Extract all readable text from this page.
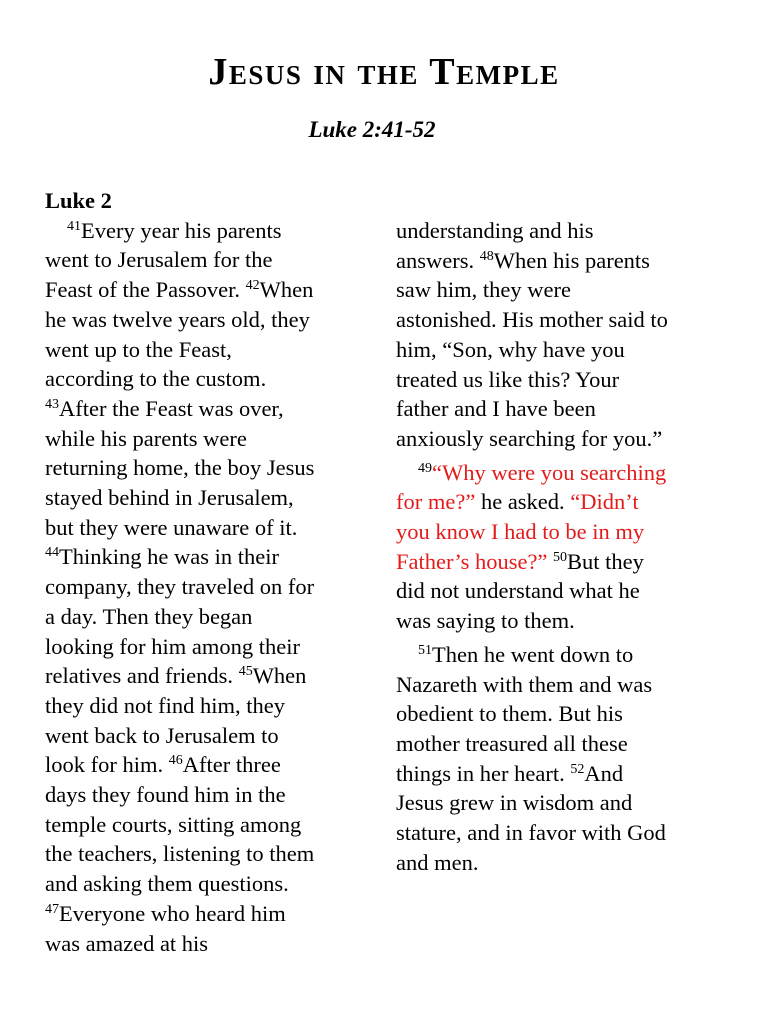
Jesus in the Temple
Luke 2:41-52
Luke 2

$^{41}$Every year his parents
went to Jerusalem for the
Feast of the Passover. $^{42}$When
he was twelve years old, they
went up to the Feast,
according to the custom.
$^{43}$After the Feast was over,
while his parents were
returning home, the boy Jesus
stayed behind in Jerusalem,
but they were unaware of it.
$^{44}$Thinking he was in their
company, they traveled on for
a day. Then they began
looking for him among their
relatives and friends. $^{45}$When
they did not find him, they
went back to Jerusalem to
look for him. $^{46}$After three
days they found him in the
temple courts, sitting among
the teachers, listening to them
and asking them questions.
$^{47}$Everyone who heard him
was amazed at his

understanding and his
answers. $^{48}$When his parents
saw him, they were
astonished. His mother said to
him, “Son, why have you
treated us like this? Your
father and I have been
anxiously searching for you.”

$^{49}$“Why were you searching
for me?” he asked. “Didn’t
you know I had to be in my
Father’s house?” $^{50}$But they
did not understand what he
was saying to them.

$^{51}$Then he went down to
Nazareth with them and was
obedient to them. But his
mother treasured all these
things in her heart. $^{52}$And
Jesus grew in wisdom and
stature, and in favor with God
and men.
